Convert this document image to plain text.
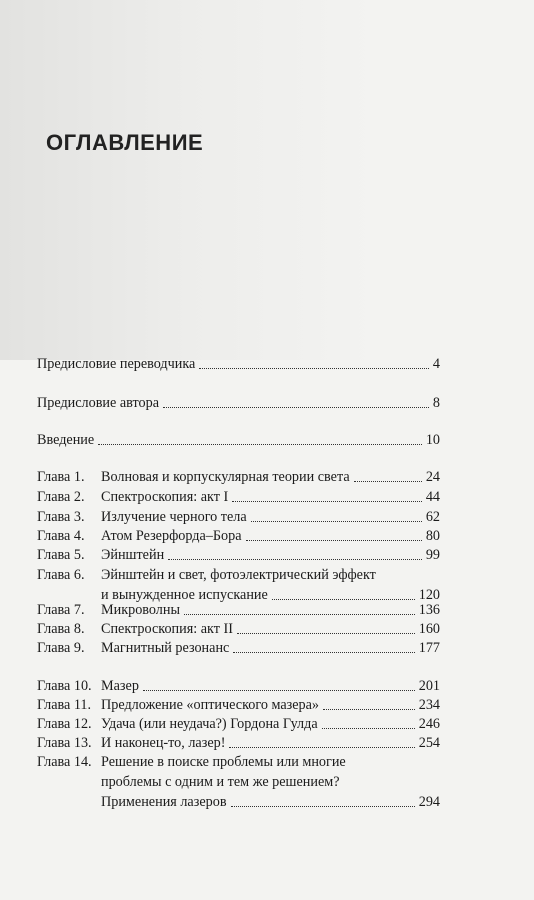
ОГЛАВЛЕНИЕ
Предисловие переводчика	4
Предисловие автора	8
Введение	10
Глава 1.	Волновая и корпускулярная теории света	24
Глава 2.	Спектроскопия: акт I	44
Глава 3.	Излучение черного тела	62
Глава 4.	Атом Резерфорда–Бора	80
Глава 5.	Эйнштейн	99
Глава 6.	Эйнштейн и свет, фотоэлектрический эффект
и вынужденное испускание	120
Глава 7.	Микроволны	136
Глава 8.	Спектроскопия: акт II	160
Глава 9.	Магнитный резонанс	177
Глава 10. Мазер	201
Глава 11. Предложение «оптического мазера»	234
Глава 12. Удача (или неудача?) Гордона Гулда	246
Глава 13. И наконец-то, лазер!	254
Глава 14. Решение в поиске проблемы или многие
проблемы с одним и тем же решением?
Применения лазеров	294
